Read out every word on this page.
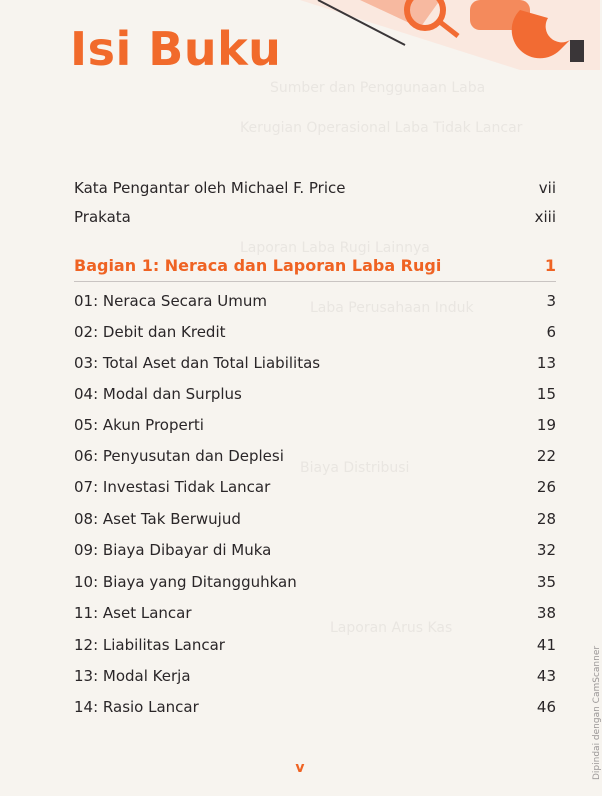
Isi Buku
Sumber dan Penggunaan Laba
Kerugian Operasional Laba Tidak Lancar
Laporan Laba Rugi Lainnya
Laba Perusahaan Induk
Biaya Distribusi
Laporan Arus Kas
Kata Pengantar oleh Michael F. Price	vii
Prakata	xiii
Bagian 1: Neraca dan Laporan Laba Rugi	1
01: Neraca Secara Umum	3
02: Debit dan Kredit	6
03: Total Aset dan Total Liabilitas	13
04: Modal dan Surplus	15
05: Akun Properti	19
06: Penyusutan dan Deplesi	22
07: Investasi Tidak Lancar	26
08: Aset Tak Berwujud	28
09: Biaya Dibayar di Muka	32
10: Biaya yang Ditangguhkan	35
11: Aset Lancar	38
12: Liabilitas Lancar	41
13: Modal Kerja	43
14: Rasio Lancar	46
v	Dipindai dengan CamScanner
